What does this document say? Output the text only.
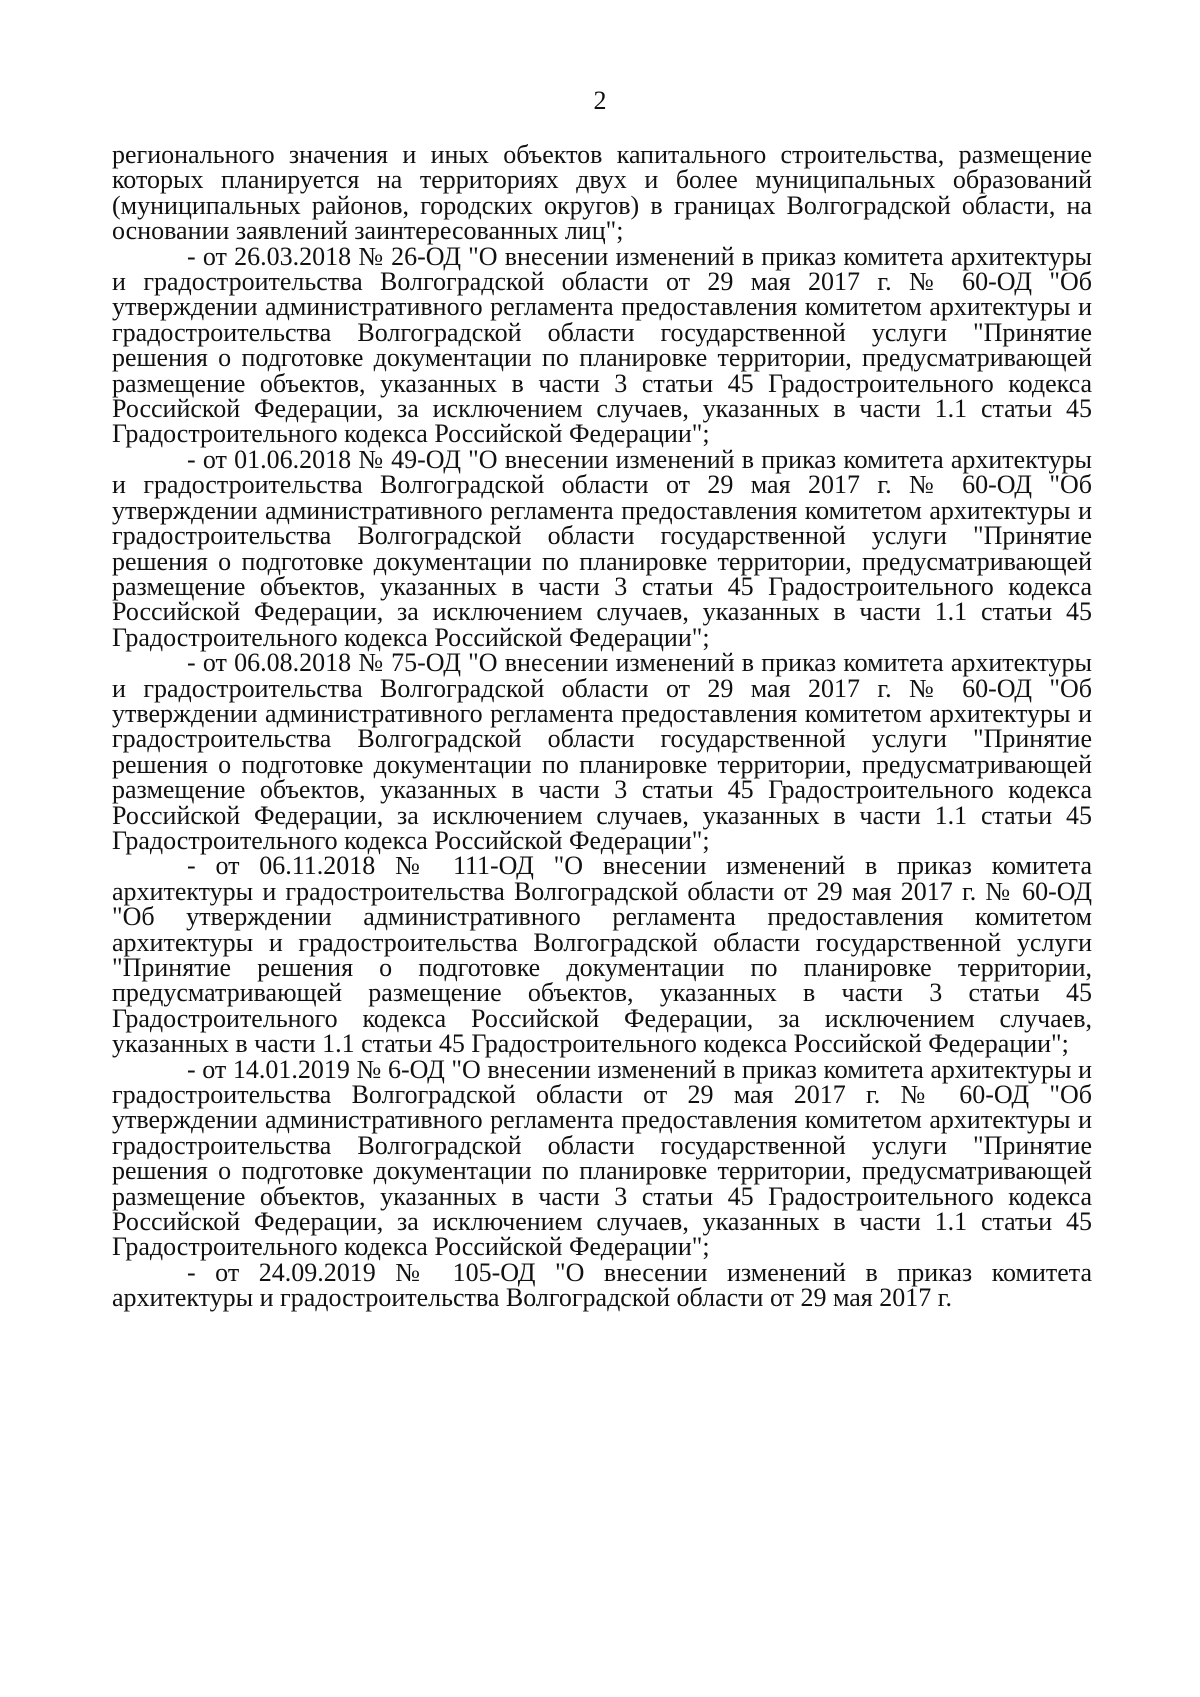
2

регионального значения и иных объектов капитального строительства, размещение которых планируется на территориях двух и более муниципальных образований (муниципальных районов, городских округов) в границах Волгоградской области, на основании заявлений заинтересованных лиц";

- от 26.03.2018 № 26-ОД "О внесении изменений в приказ комитета архитектуры и градостроительства Волгоградской области от 29 мая 2017 г. № 60-ОД "Об утверждении административного регламента предоставления комитетом архитектуры и градостроительства Волгоградской области государственной услуги "Принятие решения о подготовке документации по планировке территории, предусматривающей размещение объектов, указанных в части 3 статьи 45 Градостроительного кодекса Российской Федерации, за исключением случаев, указанных в части 1.1 статьи 45 Градостроительного кодекса Российской Федерации";

- от 01.06.2018 № 49-ОД "О внесении изменений в приказ комитета архитектуры и градостроительства Волгоградской области от 29 мая 2017 г. № 60-ОД "Об утверждении административного регламента предоставления комитетом архитектуры и градостроительства Волгоградской области государственной услуги "Принятие решения о подготовке документации по планировке территории, предусматривающей размещение объектов, указанных в части 3 статьи 45 Градостроительного кодекса Российской Федерации, за исключением случаев, указанных в части 1.1 статьи 45 Градостроительного кодекса Российской Федерации";

- от 06.08.2018 № 75-ОД "О внесении изменений в приказ комитета архитектуры и градостроительства Волгоградской области от 29 мая 2017 г. № 60-ОД "Об утверждении административного регламента предоставления комитетом архитектуры и градостроительства Волгоградской области государственной услуги "Принятие решения о подготовке документации по планировке территории, предусматривающей размещение объектов, указанных в части 3 статьи 45 Градостроительного кодекса Российской Федерации, за исключением случаев, указанных в части 1.1 статьи 45 Градостроительного кодекса Российской Федерации";

- от 06.11.2018 № 111-ОД "О внесении изменений в приказ комитета архитектуры и градостроительства Волгоградской области от 29 мая 2017 г. № 60-ОД "Об утверждении административного регламента предоставления комитетом архитектуры и градостроительства Волгоградской области государственной услуги "Принятие решения о подготовке документации по планировке территории, предусматривающей размещение объектов, указанных в части 3 статьи 45 Градостроительного кодекса Российской Федерации, за исключением случаев, указанных в части 1.1 статьи 45 Градостроительного кодекса Российской Федерации";

- от 14.01.2019 № 6-ОД "О внесении изменений в приказ комитета архитектуры и градостроительства Волгоградской области от 29 мая 2017 г. № 60-ОД "Об утверждении административного регламента предоставления комитетом архитектуры и градостроительства Волгоградской области государственной услуги "Принятие решения о подготовке документации по планировке территории, предусматривающей размещение объектов, указанных в части 3 статьи 45 Градостроительного кодекса Российской Федерации, за исключением случаев, указанных в части 1.1 статьи 45 Градостроительного кодекса Российской Федерации";

- от 24.09.2019 № 105-ОД "О внесении изменений в приказ комитета архитектуры и градостроительства Волгоградской области от 29 мая 2017 г.
